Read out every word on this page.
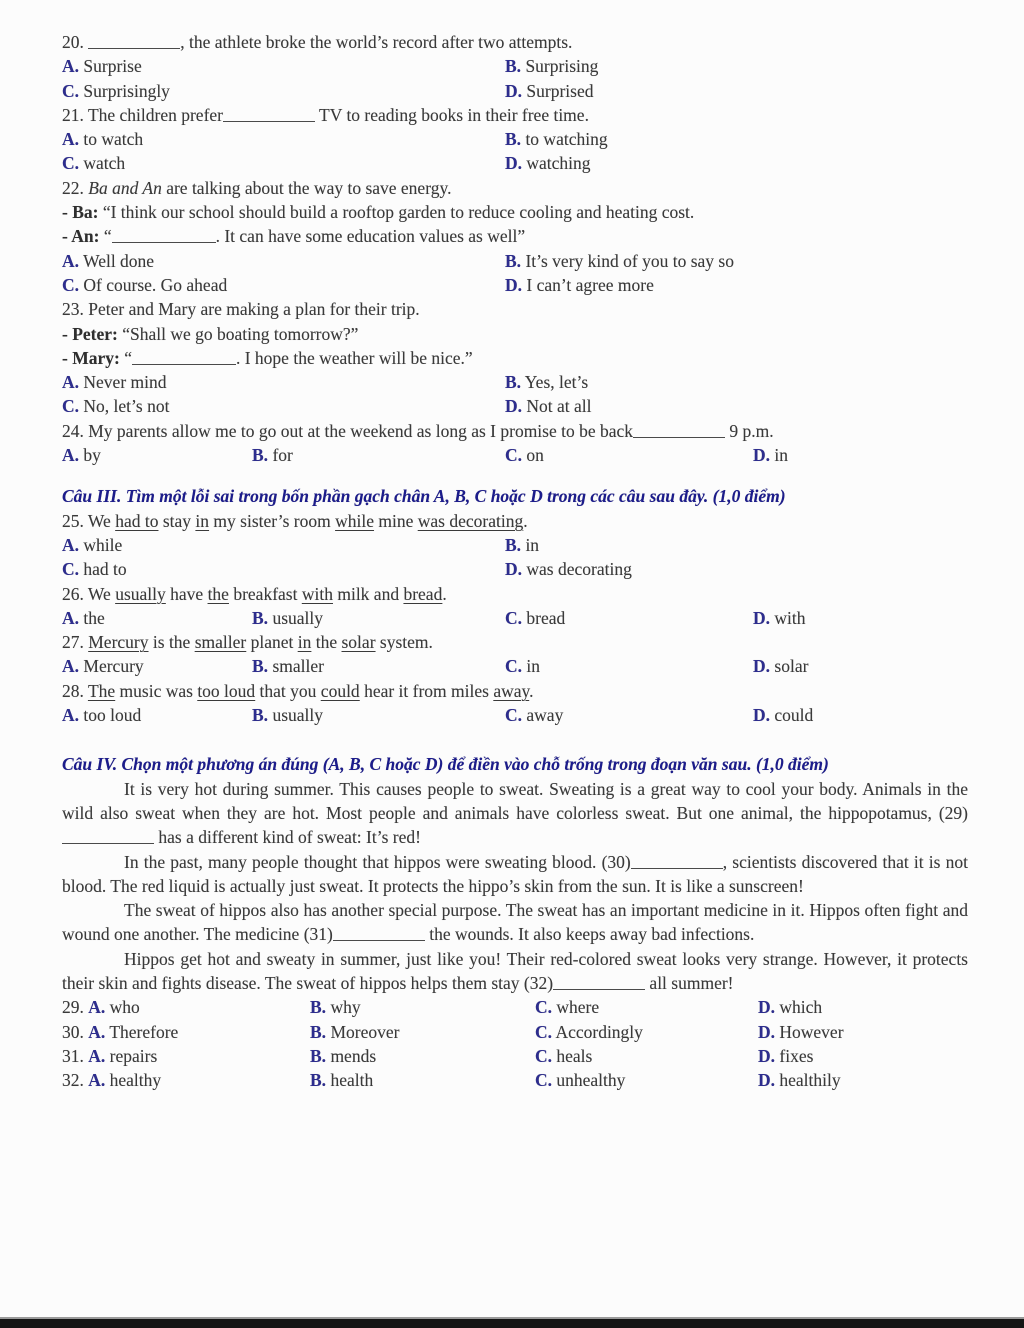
20.	, the athlete broke the world’s record after two attempts.
A. Surprise	B. Surprising
C. Surprisingly	D. Surprised
21. The children prefer	TV to reading books in their free time.
A. to watch	B. to watching
C. watch	D. watching
22. Ba and An are talking about the way to save energy.
- Ba: “I think our school should build a rooftop garden to reduce cooling and heating cost.
- An: “	. It can have some education values as well”
A. Well done	B. It’s very kind of you to say so
C. Of course. Go ahead	D. I can’t agree more
23. Peter and Mary are making a plan for their trip.
- Peter: “Shall we go boating tomorrow?”
- Mary: “	. I hope the weather will be nice.”
A. Never mind	B. Yes, let’s
C. No, let’s not	D. Not at all
24. My parents allow me to go out at the weekend as long as I promise to be back	9 p.m.
A. by	B. for	C. on	D. in
Câu III. Tìm một lỗi sai trong bốn phần gạch chân A, B, C hoặc D trong các câu sau đây. (1,0 điểm)
25. We had to stay in my sister’s room while mine was decorating.
A. while	B. in
C. had to	D. was decorating
26. We usually have the breakfast with milk and bread.
A. the	B. usually	C. bread	D. with
27. Mercury is the smaller planet in the solar system.
A. Mercury	B. smaller	C. in	D. solar
28. The music was too loud that you could hear it from miles away.
A. too loud	B. usually	C. away	D. could
Câu IV. Chọn một phương án đúng (A, B, C hoặc D) để điền vào chỗ trống trong đoạn văn sau. (1,0 điểm)
It is very hot during summer. This causes people to sweat. Sweating is a great way to cool your body. Animals in the wild also sweat when they are hot. Most people and animals have colorless sweat. But one animal, the hippopotamus, (29) has a different kind of sweat: It’s red!
In the past, many people thought that hippos were sweating blood. (30)	, scientists discovered that it is not blood. The red liquid is actually just sweat. It protects the hippo’s skin from the sun. It is like a sunscreen!
The sweat of hippos also has another special purpose. The sweat has an important medicine in it. Hippos often fight and wound one another. The medicine (31)	the wounds. It also keeps away bad infections.
Hippos get hot and sweaty in summer, just like you! Their red-colored sweat looks very strange. However, it protects their skin and fights disease. The sweat of hippos helps them stay (32)	all summer!
29. A. who	B. why	C. where	D. which
30. A. Therefore	B. Moreover	C. Accordingly	D. However
31. A. repairs	B. mends	C. heals	D. fixes
32. A. healthy	B. health	C. unhealthy	D. healthily
